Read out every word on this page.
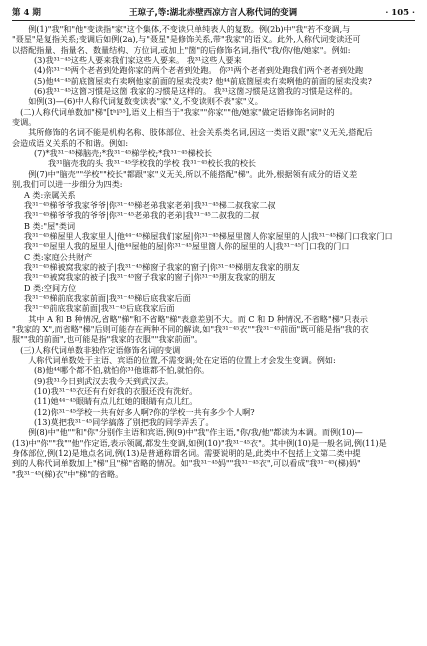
第 4 期	王琼子,等:湖北赤壁西凉方言人称代词的变调	· 105 ·

例(1)"我"和"他"变读指"家"这个集体,不变读只单纯表人的复数。例(2b)中"我"若不变调,与

"聂星"是复指关系;变调后如例(2a),与"聂星"是修饰关系,带"我家"的语义。此外,人称代词变读还可

以搭配指量、指量名、数量结构、方位词,或加上"箇"的后修饰名词,指代"我/你/他/她家"。例如:

(3)我³¹⁻⁴⁵这些人要来我们家这些人要来。 我³¹这些人要来

(4)你³¹⁻⁴⁵两个老者到处跑你家的两个老者到处跑。 你³¹两个老者到处跑我们两个老者到处跑

(5)他⁴⁴⁻⁴⁵前底箇屋卖冇卖咧他家前面的屋卖没卖? 他⁴⁴前底箇屋卖冇卖咧他的前面的屋卖没卖?

(6)我³¹⁻⁴⁵这箇习惯是这箇 我家的习惯是这样的。 我³¹这箇习惯是这箇我的习惯是这样的。

如例(3)—(6)中人称代词复数变读表"家"义,不变读则不表"家"义。

(二)人称代词单数加"梯"[tʰi⁵⁵],语义上相当于"我家""你家""他/她家"做定语修饰名词时的

变调。

其所修饰的名词不能是机构名称、肢体部位、社会关系类名词,因这一类语义跟"家"义无关,搭配后

会造成语义关系的不和谐。例如:

(7)*我³¹⁻⁴⁵梯脑壳;*我³¹⁻⁴⁵梯学校;*我³¹⁻⁴⁵梯校长

我³¹脑壳我的头 我³¹⁻⁴⁵学校我的学校 我³¹⁻⁴⁵校长我的校长

例(7)中"脑壳""学校""校长"都跟"家"义无关,所以不能搭配"梯"。此外,根据领有成分的语义差

别,我们可以进一步细分为四类:

A 类:亲属关系

我³¹⁻⁴⁵梯爷爷我家爷爷|你³¹⁻⁴⁵梯老弟我家老弟|我³¹⁻⁴⁵梯二叔我家二叔

我³¹⁻⁴⁵梯爷爷我的爷爷|你³¹⁻⁴⁵老弟我的老弟|我³¹⁻⁴⁵二叔我的二叔

B 类:"屋"类词

我³¹⁻⁴⁵梯屋里人我家里人|他⁴⁴⁻⁴⁵梯屋我们家屋|你³¹⁻⁴⁵梯屋里箇人你家屋里的人|我³¹⁻⁴⁵梯门口我家门口

我³¹⁻⁴⁵屋里人我的屋里人|他⁴⁴屋他的屋|你³¹⁻⁴⁵屋里箇人你的屋里的人|我³¹⁻⁴⁵门口我的门口

C 类:家庭公共财产

我³¹⁻⁴⁵梯被窝我家的被子|我³¹⁻⁴⁵梯窗子我家的窗子|你³¹⁻⁴⁵梯朋友我家的朋友

我³¹⁻⁴⁵被窝我家的被子|我³¹⁻⁴⁵窗子我家的窗子|你³¹⁻⁴⁵朋友我家的朋友

D 类:空间方位

我³¹⁻⁴⁵梯前底我家前面|我³¹⁻⁴⁵梯后底我家后面

我³¹⁻⁴⁵前底我家前面|我³¹⁻⁴⁵后底我家后面

其中 A 和 B 种情况,省略"梯"和不省略"梯"表意差别不大。而 C 和 D 种情况,不省略"梯"只表示

"我家的 X",而省略"梯"后则可能存在两种不同的解读,如"我³¹⁻⁴⁵衣""我³¹⁻⁴⁵前面"既可能是指"我的衣

服""我的前面",也可能是指"我家的衣服""我家前面"。

(三)人称代词单数非独作定语修饰名词的变调

人称代词单数处于主语、宾语的位置,不需变调;处在定语的位置上才会发生变调。例如:

(8)他⁴⁴哪个都不怕,就怕你³¹他谁都不怕,就怕你。

(9)我³¹今日到武汉去我今天到武汉去。

(10)我³¹⁻⁴⁵衣还有冇好我的衣服还没有洗好。

(11)她⁴⁴⁻⁴⁵眼睛有点儿红她的眼睛有点儿红。

(12)你³¹⁻⁴⁵学校一共有好多人啊?你的学校一共有多少个人啊?

(13)莫把我³¹⁻⁴⁵同学搞落了别把我的同学弄丢了。

例(8)中"他""和"你"分别作主语和宾语,例(9)中"我"作主语,"你/我/他"都读为本调。而例(10)—

(13)中"你""我""他"作定语,表示领属,都发生变调,如例(10)"我³¹⁻⁴⁵衣"。其中例(10)是一般名词,例(11)是

身体部位,例(12)是地点名词,例(13)是普通称谓名词。需要说明的是,此类中不包括上文第二类中提

到的人称代词单数加上"梯"且"梯"省略的情况。如"我³¹⁻⁴⁵妈""我³¹⁻⁴⁵衣",可以看成"我³¹⁻⁴⁵(梯)妈"

"我³¹⁻⁴⁵(梯)衣"中"梯"的省略。
